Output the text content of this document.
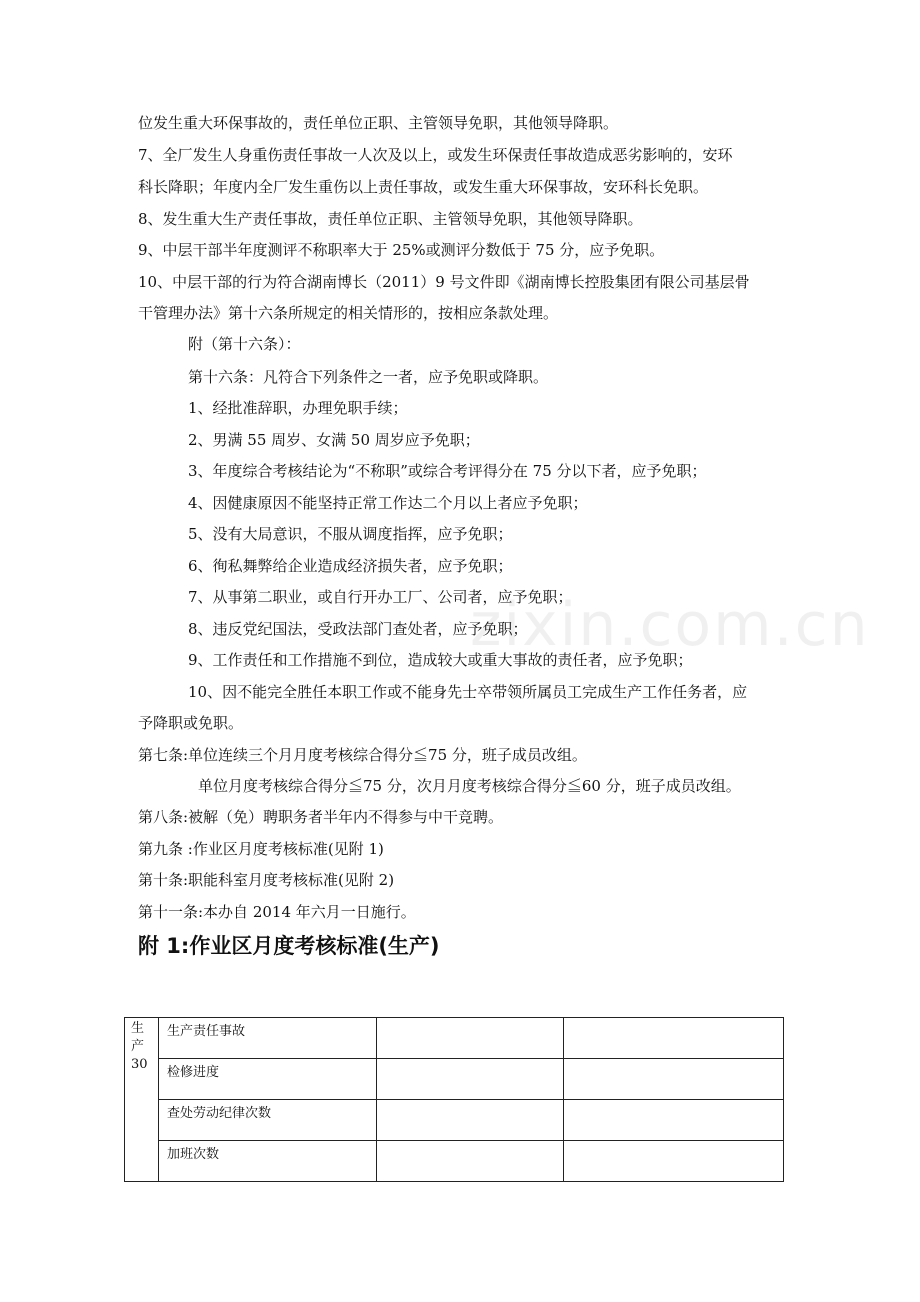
zixin.com.cn
位发生重大环保事故的，责任单位正职、主管领导免职，其他领导降职。
7、全厂发生人身重伤责任事故一人次及以上，或发生环保责任事故造成恶劣影响的，安环
科长降职；年度内全厂发生重伤以上责任事故，或发生重大环保事故，安环科长免职。
8、发生重大生产责任事故，责任单位正职、主管领导免职，其他领导降职。
9、中层干部半年度测评不称职率大于 25%或测评分数低于 75 分，应予免职。
10、中层干部的行为符合湖南博长（2011）9 号文件即《湖南博长控股集团有限公司基层骨
干管理办法》第十六条所规定的相关情形的，按相应条款处理。
附（第十六条）：
第十六条：凡符合下列条件之一者，应予免职或降职。
1、经批准辞职，办理免职手续；
2、男满 55 周岁、女满 50 周岁应予免职；
3、年度综合考核结论为“不称职”或综合考评得分在 75 分以下者，应予免职；
4、因健康原因不能坚持正常工作达二个月以上者应予免职；
5、没有大局意识，不服从调度指挥，应予免职；
6、徇私舞弊给企业造成经济损失者，应予免职；
7、从事第二职业，或自行开办工厂、公司者，应予免职；
8、违反党纪国法，受政法部门查处者，应予免职；
9、工作责任和工作措施不到位，造成较大或重大事故的责任者，应予免职；
10、因不能完全胜任本职工作或不能身先士卒带领所属员工完成生产工作任务者，应
予降职或免职。
第七条:单位连续三个月月度考核综合得分≦75 分，班子成员改组。
单位月度考核综合得分≦75 分，次月月度考核综合得分≦60 分，班子成员改组。
第八条:被解（免）聘职务者半年内不得参与中干竞聘。
第九条 :作业区月度考核标准(见附 1)
第十条:职能科室月度考核标准(见附 2)
第十一条:本办自 2014 年六月一日施行。
附 1:作业区月度考核标准(生产)
生
产
30	生产责任事故		
	检修进度		
	查处劳动纪律次数		
	加班次数		
